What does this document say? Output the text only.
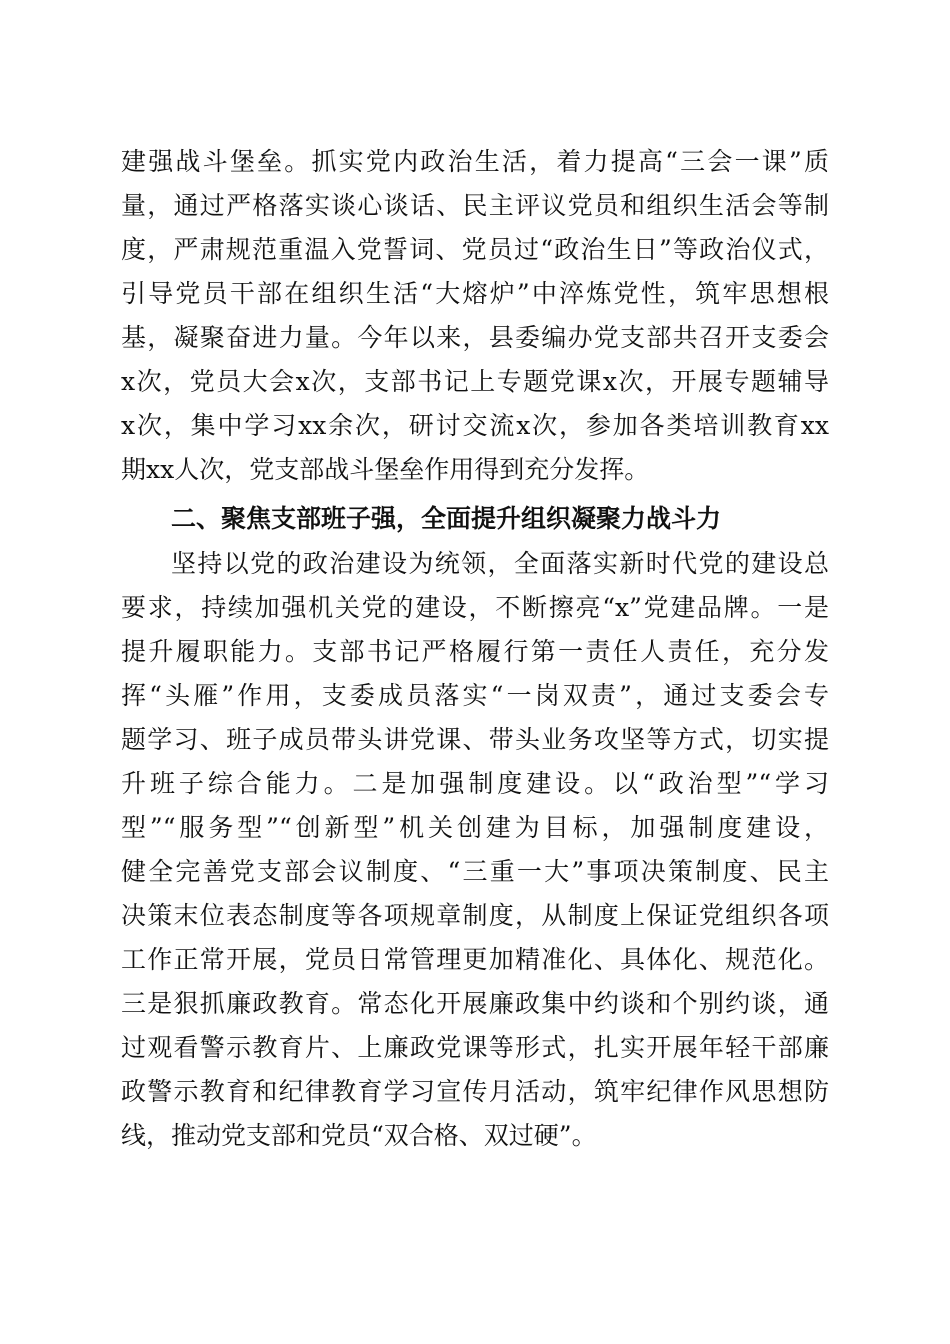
建强战斗堡垒。抓实党内政治生活，着力提高“三会一课”质
量，通过严格落实谈心谈话、民主评议党员和组织生活会等制
度，严肃规范重温入党誓词、党员过“政治生日”等政治仪式，
引导党员干部在组织生活“大熔炉”中淬炼党性，筑牢思想根
基，凝聚奋进力量。今年以来，县委编办党支部共召开支委会
x次，党员大会x次，支部书记上专题党课x次，开展专题辅导
x次，集中学习xx余次，研讨交流x次，参加各类培训教育xx
期xx人次，党支部战斗堡垒作用得到充分发挥。
二、聚焦支部班子强，全面提升组织凝聚力战斗力
坚持以党的政治建设为统领，全面落实新时代党的建设总
要求，持续加强机关党的建设，不断擦亮“x”党建品牌。一是
提升履职能力。支部书记严格履行第一责任人责任，充分发
挥“头雁”作用，支委成员落实“一岗双责”，通过支委会专
题学习、班子成员带头讲党课、带头业务攻坚等方式，切实提
升班子综合能力。二是加强制度建设。以“政治型”“学习
型”“服务型”“创新型”机关创建为目标，加强制度建设，
健全完善党支部会议制度、“三重一大”事项决策制度、民主
决策末位表态制度等各项规章制度，从制度上保证党组织各项
工作正常开展，党员日常管理更加精准化、具体化、规范化。
三是狠抓廉政教育。常态化开展廉政集中约谈和个别约谈，通
过观看警示教育片、上廉政党课等形式，扎实开展年轻干部廉
政警示教育和纪律教育学习宣传月活动，筑牢纪律作风思想防
线，推动党支部和党员“双合格、双过硬”。
